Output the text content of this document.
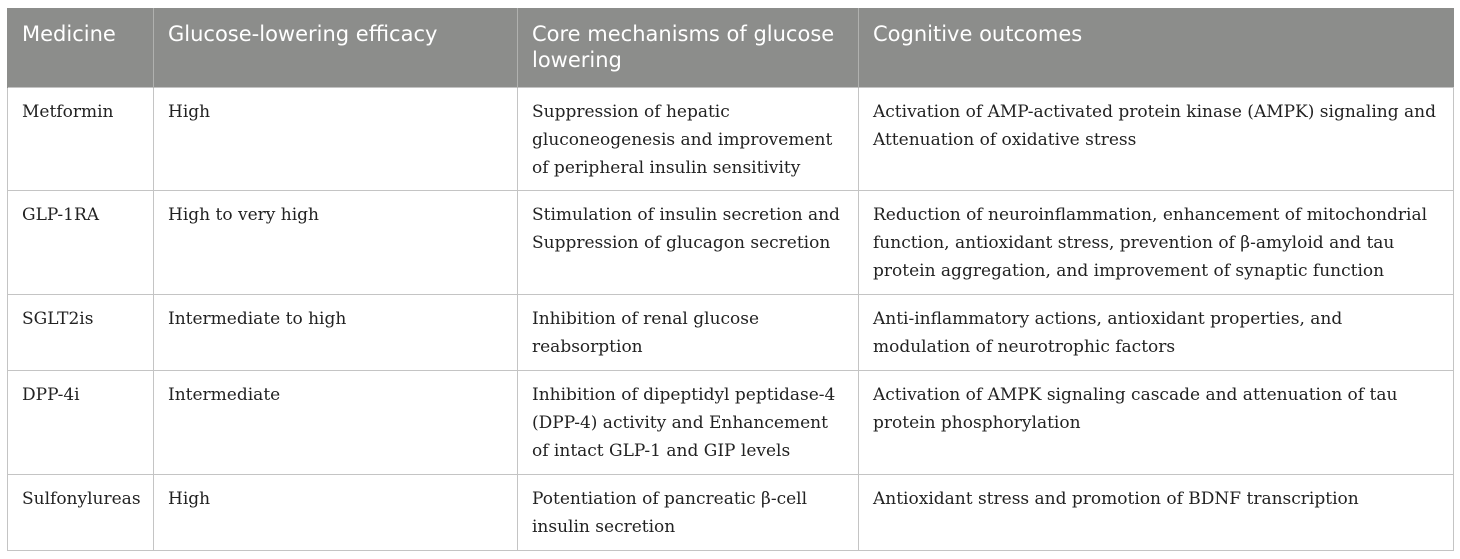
Medicine	Glucose-lowering efficacy	Core mechanisms of glucose lowering	Cognitive outcomes
Metformin	High	Suppression of hepatic gluconeogenesis and improvement of peripheral insulin sensitivity	Activation of AMP-activated protein kinase (AMPK) signaling and Attenuation of oxidative stress
GLP-1RA	High to very high	Stimulation of insulin secretion and Suppression of glucagon secretion	Reduction of neuroinflammation, enhancement of mitochondrial function, antioxidant stress, prevention of β-amyloid and tau protein aggregation, and improvement of synaptic function
SGLT2is	Intermediate to high	Inhibition of renal glucose reabsorption	Anti-inflammatory actions, antioxidant properties, and modulation of neurotrophic factors
DPP-4i	Intermediate	Inhibition of dipeptidyl peptidase-4 (DPP-4) activity and Enhancement of intact GLP-1 and GIP levels	Activation of AMPK signaling cascade and attenuation of tau protein phosphorylation
Sulfonylureas	High	Potentiation of pancreatic β-cell insulin secretion	Antioxidant stress and promotion of BDNF transcription
